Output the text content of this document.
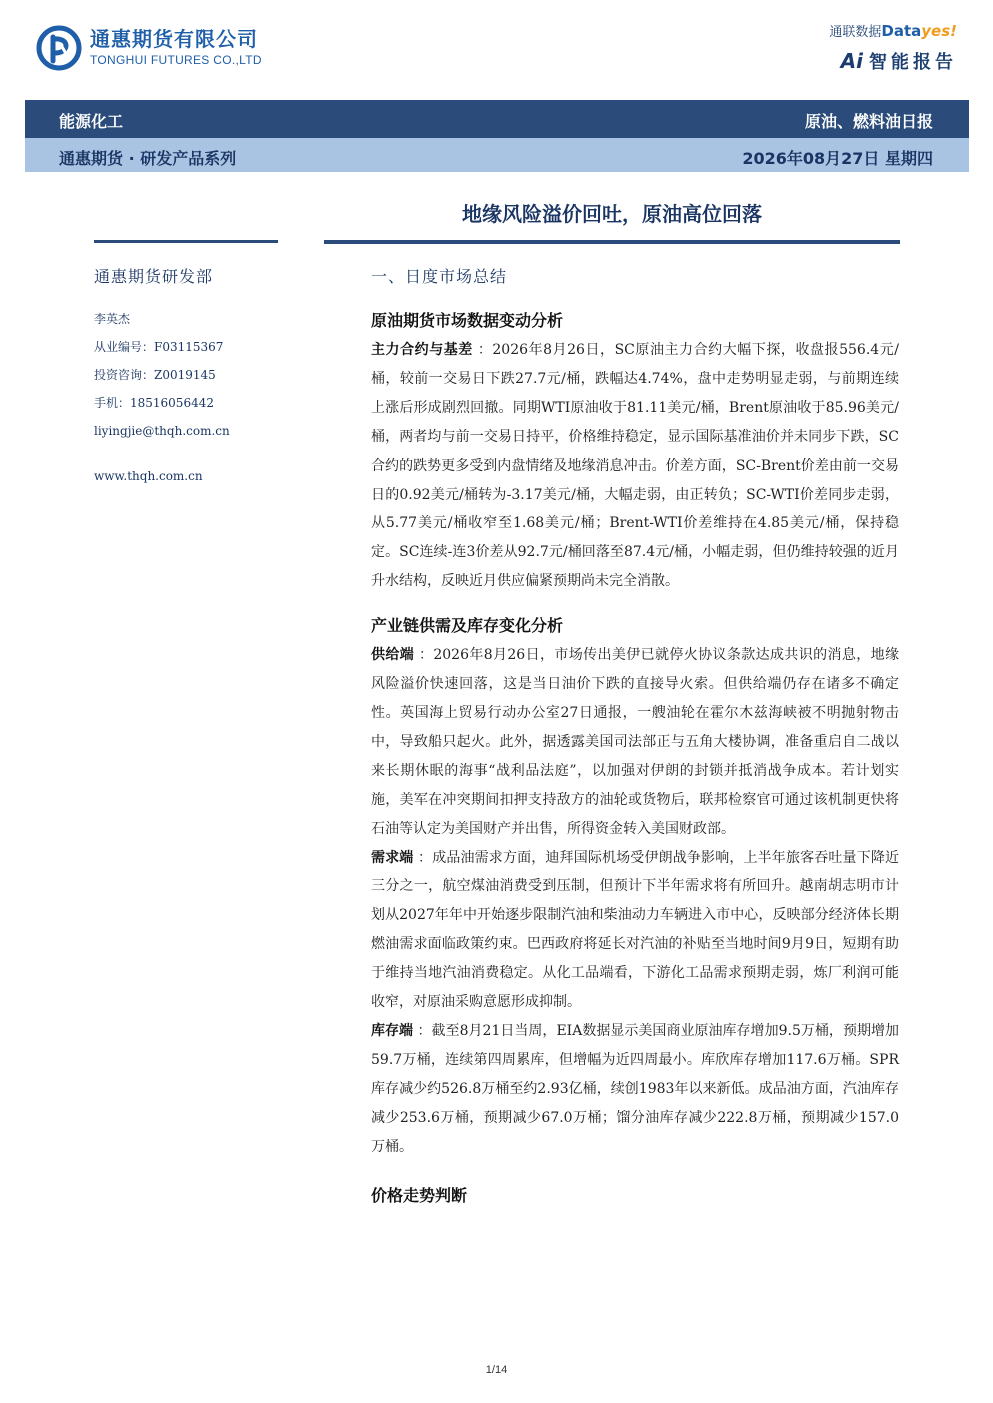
通惠期货有限公司
TONGHUI FUTURES CO.,LTD
通联数据Datayes!
Ai 智能报告
能源化工	原油、燃料油日报
通惠期货 · 研发产品系列	2026年08月27日 星期四
地缘风险溢价回吐，原油高位回落
通惠期货研发部
李英杰
从业编号：F03115367
投资咨询：Z0019145
手机：18516056442
liyingjie@thqh.com.cn
www.thqh.com.cn
一、日度市场总结
原油期货市场数据变动分析

主力合约与基差 ：2026年8月26日，SC原油主力合约大幅下探，收盘报556.4元/桶，较前一交易日下跌27.7元/桶，跌幅达4.74%，盘中走势明显走弱，与前期连续上涨后形成剧烈回撤。同期WTI原油收于81.11美元/桶，Brent原油收于85.96美元/桶，两者均与前一交易日持平，价格维持稳定，显示国际基准油价并未同步下跌，SC合约的跌势更多受到内盘情绪及地缘消息冲击。价差方面，SC-Brent价差由前一交易日的0.92美元/桶转为-3.17美元/桶，大幅走弱，由正转负；SC-WTI价差同步走弱，从5.77美元/桶收窄至1.68美元/桶；Brent-WTI价差维持在4.85美元/桶，保持稳定。SC连续-连3价差从92.7元/桶回落至87.4元/桶，小幅走弱，但仍维持较强的近月升水结构，反映近月供应偏紧预期尚未完全消散。

产业链供需及库存变化分析

供给端 ：2026年8月26日，市场传出美伊已就停火协议条款达成共识的消息，地缘风险溢价快速回落，这是当日油价下跌的直接导火索。但供给端仍存在诸多不确定性。英国海上贸易行动办公室27日通报，一艘油轮在霍尔木兹海峡被不明抛射物击中，导致船只起火。此外，据透露美国司法部正与五角大楼协调，准备重启自二战以来长期休眠的海事“战利品法庭”，以加强对伊朗的封锁并抵消战争成本。若计划实施，美军在冲突期间扣押支持敌方的油轮或货物后，联邦检察官可通过该机制更快将石油等认定为美国财产并出售，所得资金转入美国财政部。

需求端 ：成品油需求方面，迪拜国际机场受伊朗战争影响，上半年旅客吞吐量下降近三分之一，航空煤油消费受到压制，但预计下半年需求将有所回升。越南胡志明市计划从2027年年中开始逐步限制汽油和柴油动力车辆进入市中心，反映部分经济体长期燃油需求面临政策约束。巴西政府将延长对汽油的补贴至当地时间9月9日，短期有助于维持当地汽油消费稳定。从化工品端看，下游化工品需求预期走弱，炼厂利润可能收窄，对原油采购意愿形成抑制。

库存端 ：截至8月21日当周，EIA数据显示美国商业原油库存增加9.5万桶，预期增加59.7万桶，连续第四周累库，但增幅为近四周最小。库欣库存增加117.6万桶。SPR库存减少约526.8万桶至约2.93亿桶，续创1983年以来新低。成品油方面，汽油库存减少253.6万桶，预期减少67.0万桶；馏分油库存减少222.8万桶，预期减少157.0万桶。

价格走势判断
1/14
